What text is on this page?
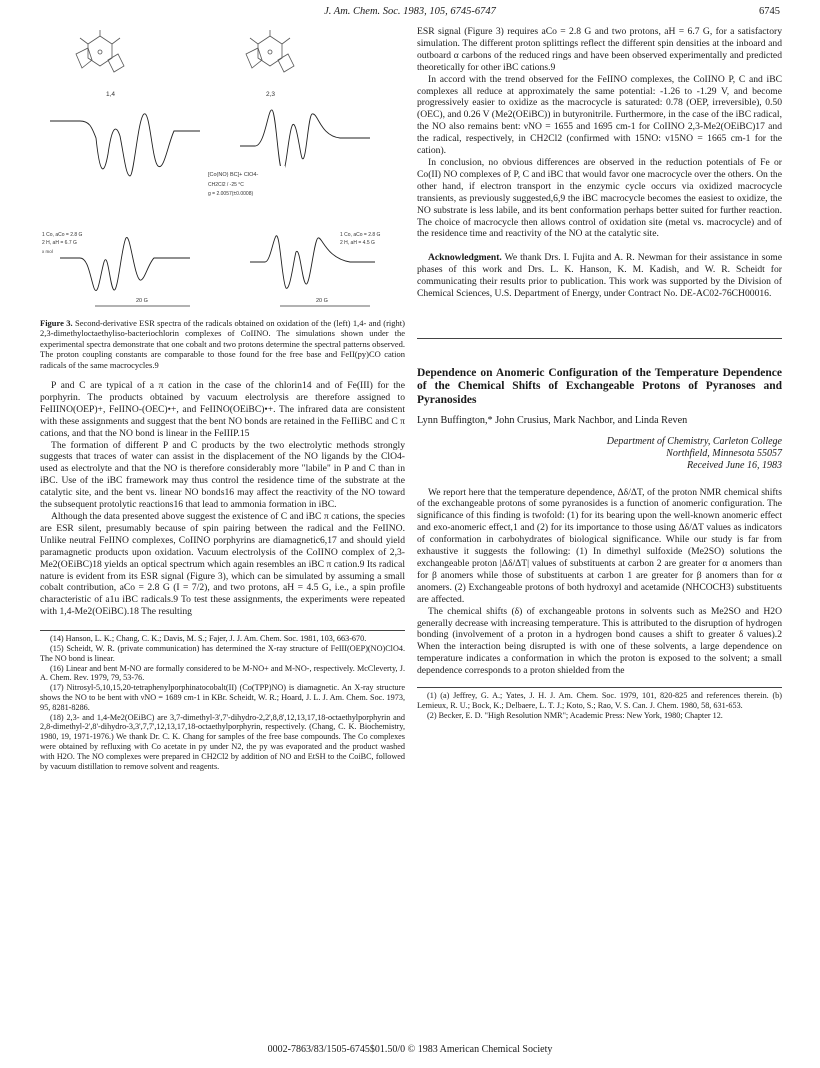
J. Am. Chem. Soc. 1983, 105, 6745-6747	6745
1,4	2,3
[Co(NO) BC]+ ClO4-
CH2Cl2 / -25 °C
g = 2.0057(±0.0008)
1 Co, aCo = 2.8 G
2 H, aH = 6.7 G
x mol
1 Co, aCo = 2.8 G
2 H, aH = 4.5 G
20 G	20 G
Figure 3. Second-derivative ESR spectra of the radicals obtained on oxidation of the (left) 1,4- and (right) 2,3-dimethyloctaethyliso-bacteriochlorin complexes of CoIINO. The simulations shown under the experimental spectra demonstrate that one cobalt and two protons determine the spectral patterns observed. The proton coupling constants are comparable to those found for the free base and FeII(py)CO cation radicals of the same macrocycles.9

P and C are typical of a π cation in the case of the chlorin14 and of Fe(III) for the porphyrin. The products obtained by vacuum electrolysis are therefore assigned to FeIIINO(OEP)+, FeIINO-(OEC)•+, and FeIINO(OEiBC)•+. The infrared data are consistent with these assignments and suggest that the bent NO bonds are retained in the FeIIiBC and C π cations, and that the NO bond is linear in the FeIIIP.15

The formation of different P and C products by the two electrolytic methods strongly suggests that traces of water can assist in the displacement of the NO ligands by the ClO4- used as electrolyte and that the NO is therefore considerably more "labile" in P and C than in iBC. Use of the iBC framework may thus control the residence time of the substrate at the catalytic site, and the bent vs. linear NO bonds16 may affect the reactivity of the NO toward the subsequent protolytic reactions16 that lead to ammonia formation in iBC.

Although the data presented above suggest the existence of C and iBC π cations, the species are ESR silent, presumably because of spin pairing between the radical and the FeIINO. Unlike neutral FeIINO complexes, CoIINO porphyrins are diamagnetic6,17 and should yield paramagnetic products upon oxidation. Vacuum electrolysis of the CoIINO complex of 2,3-Me2(OEiBC)18 yields an optical spectrum which again resembles an iBC π cation.9 Its radical nature is evident from its ESR signal (Figure 3), which can be simulated by assuming a small cobalt contribution, aCo = 2.8 G (I = 7/2), and two protons, aH = 4.5 G, i.e., a spin profile characteristic of a1u iBC radicals.9 To test these assignments, the experiments were repeated with 1,4-Me2(OEiBC).18 The resulting

(14) Hanson, L. K.; Chang, C. K.; Davis, M. S.; Fajer, J. J. Am. Chem. Soc. 1981, 103, 663-670.

(15) Scheidt, W. R. (private communication) has determined the X-ray structure of FeIII(OEP)(NO)ClO4. The NO bond is linear.

(16) Linear and bent M-NO are formally considered to be M-NO+ and M-NO-, respectively. McCleverty, J. A. Chem. Rev. 1979, 79, 53-76.

(17) Nitrosyl-5,10,15,20-tetraphenylporphinatocobalt(II) (Co(TPP)NO) is diamagnetic. An X-ray structure shows the NO to be bent with νNO = 1689 cm-1 in KBr. Scheidt, W. R.; Hoard, J. L. J. Am. Chem. Soc. 1973, 95, 8281-8286.

(18) 2,3- and 1,4-Me2(OEiBC) are 3,7-dimethyl-3',7'-dihydro-2,2',8,8',12,13,17,18-octaethylporphyrin and 2,8-dimethyl-2',8'-dihydro-3,3',7,7',12,13,17,18-octaethylporphyrin, respectively. (Chang, C. K. Biochemistry, 1980, 19, 1971-1976.) We thank Dr. C. K. Chang for samples of the free base compounds. The Co complexes were obtained by refluxing with Co acetate in py under N2, the py was evaporated and the product washed with H2O. The NO complexes were prepared in CH2Cl2 by addition of NO and EtSH to the CoiBC, followed by vacuum distillation to remove solvent and reagents.

ESR signal (Figure 3) requires aCo = 2.8 G and two protons, aH = 6.7 G, for a satisfactory simulation. The different proton splittings reflect the different spin densities at the inboard and outboard α carbons of the reduced rings and have been observed experimentally and predicted theoretically for other iBC cations.9

In accord with the trend observed for the FeIINO complexes, the CoIINO P, C and iBC complexes all reduce at approximately the same potential: -1.26 to -1.29 V, and become progressively easier to oxidize as the macrocycle is saturated: 0.78 (OEP, irreversible), 0.50 (OEC), and 0.26 V (Me2(OEiBC)) in butyronitrile. Furthermore, in the case of the iBC radical, the NO also remains bent: νNO = 1655 and 1695 cm-1 for CoIINO 2,3-Me2(OEiBC)17 and the radical, respectively, in CH2Cl2 (confirmed with 15NO: ν15NO = 1665 cm-1 for the cation).

In conclusion, no obvious differences are observed in the reduction potentials of Fe or Co(II) NO complexes of P, C and iBC that would favor one macrocycle over the others. On the other hand, if electron transport in the enzymic cycle occurs via oxidized macrocycle transients, as previously suggested,6,9 the iBC macrocycle becomes the easiest to oxidize, the NO substrate is less labile, and its bent conformation perhaps better suited for further reaction. The choice of macrocycle then allows control of oxidation site (metal vs. macrocycle) and of the residence time and reactivity of the NO at the catalytic site.

Acknowledgment. We thank Drs. I. Fujita and A. R. Newman for their assistance in some phases of this work and Drs. L. K. Hanson, K. M. Kadish, and W. R. Scheidt for communicating their results prior to publication. This work was supported by the Division of Chemical Sciences, U.S. Department of Energy, under Contract No. DE-AC02-76CH00016.

Dependence on Anomeric Configuration of the Temperature Dependence of the Chemical Shifts of Exchangeable Protons of Pyranoses and Pyranosides
Lynn Buffington,* John Crusius, Mark Nachbor, and Linda Reven
Department of Chemistry, Carleton College
Northfield, Minnesota 55057
Received June 16, 1983

We report here that the temperature dependence, Δδ/ΔT, of the proton NMR chemical shifts of the exchangeable protons of some pyranosides is a function of anomeric configuration. The significance of this finding is twofold: (1) for its bearing upon the well-known anomeric effect and exo-anomeric effect,1 and (2) for its importance to those using Δδ/ΔT values as indicators of conformation in carbohydrates of biological significance. While our study is far from exhaustive it suggests the following: (1) In dimethyl sulfoxide (Me2SO) solutions the exchangeable proton |Δδ/ΔT| values of substituents at carbon 2 are greater for α anomers than for β anomers while those of substituents at carbon 1 are greater for β anomers than for α anomers. (2) Exchangeable protons of both hydroxyl and acetamide (NHCOCH3) substituents are affected.

The chemical shifts (δ) of exchangeable protons in solvents such as Me2SO and H2O generally decrease with increasing temperature. This is attributed to the disruption of hydrogen bonding (involvement of a proton in a hydrogen bond causes a shift to greater δ values).2 When the interaction being disrupted is with one of these solvents, a large dependence on temperature indicates a conformation in which the proton is exposed to the solvent; a small dependence corresponds to a proton shielded from the

(1) (a) Jeffrey, G. A.; Yates, J. H. J. Am. Chem. Soc. 1979, 101, 820-825 and references therein. (b) Lemieux, R. U.; Bock, K.; Delbaere, L. T. J.; Koto, S.; Rao, V. S. Can. J. Chem. 1980, 58, 631-653.

(2) Becker, E. D. "High Resolution NMR"; Academic Press: New York, 1980; Chapter 12.

0002-7863/83/1505-6745$01.50/0 © 1983 American Chemical Society
